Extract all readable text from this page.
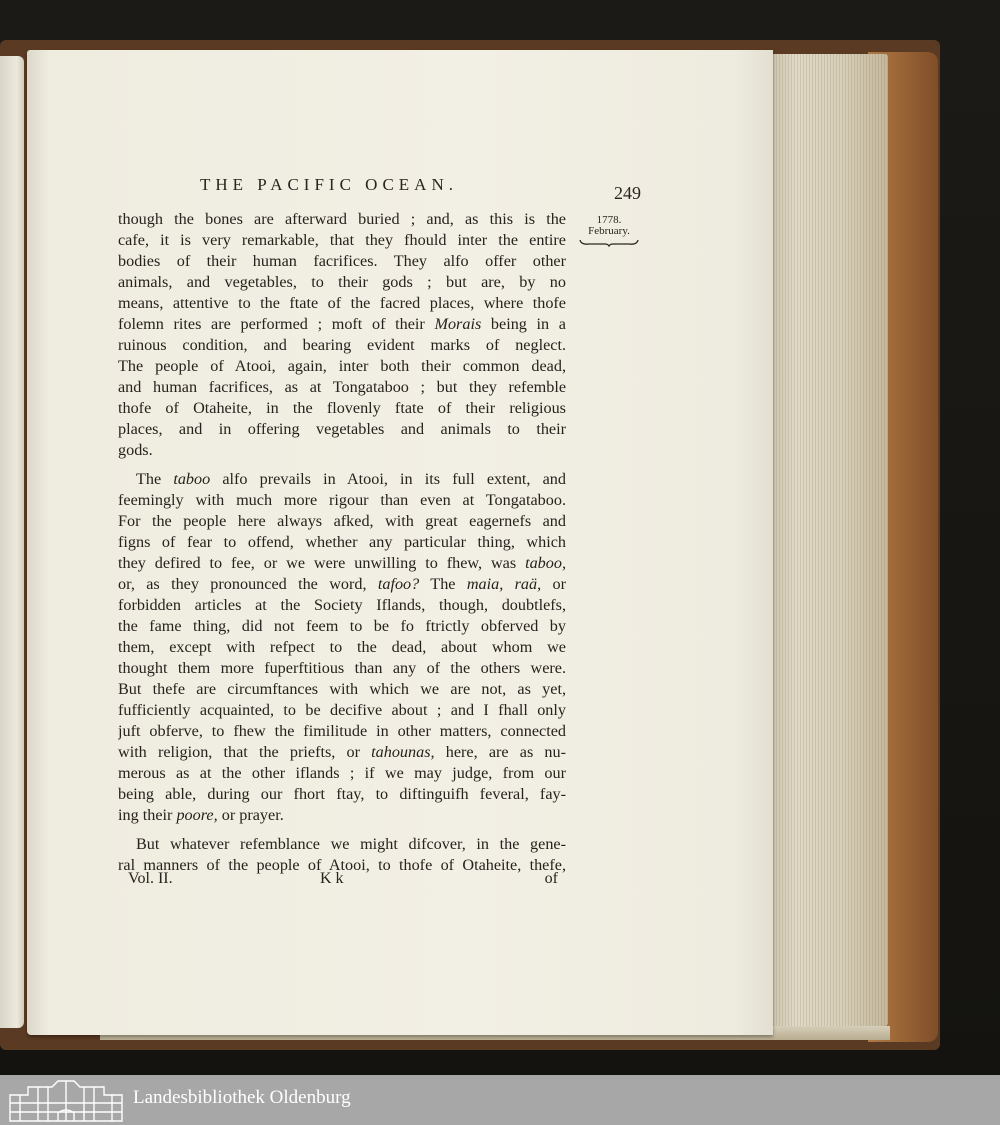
THE PACIFIC OCEAN.	249
1778.
February.
though the bones are afterward buried ; and, as this is the
cafe, it is very remarkable, that they fhould inter the entire
bodies of their human facrifices. They alfo offer other
animals, and vegetables, to their gods ; but are, by no
means, attentive to the ftate of the facred places, where thofe
folemn rites are performed ; moft of their Morais being in a
ruinous condition, and bearing evident marks of neglect.
The people of Atooi, again, inter both their common dead,
and human facrifices, as at Tongataboo ; but they refemble
thofe of Otaheite, in the flovenly ftate of their religious
places, and in offering vegetables and animals to their
gods.
The taboo alfo prevails in Atooi, in its full extent, and
feemingly with much more rigour than even at Tongataboo.
For the people here always afked, with great eagernefs and
figns of fear to offend, whether any particular thing, which
they defired to fee, or we were unwilling to fhew, was taboo,
or, as they pronounced the word, tafoo? The maia, raä, or
forbidden articles at the Society Iflands, though, doubtlefs,
the fame thing, did not feem to be fo ftrictly obferved by
them, except with refpect to the dead, about whom we
thought them more fuperftitious than any of the others were.
But thefe are circumftances with which we are not, as yet,
fufficiently acquainted, to be decifive about ; and I fhall only
juft obferve, to fhew the fimilitude in other matters, connected
with religion, that the priefts, or tahounas, here, are as nu-
merous as at the other iflands ; if we may judge, from our
being able, during our fhort ftay, to diftinguifh feveral, fay-
ing their poore, or prayer.
But whatever refemblance we might difcover, in the gene-
ral manners of the people of Atooi, to thofe of Otaheite, thefe,
Vol. II.	K k	of
Landesbibliothek Oldenburg
